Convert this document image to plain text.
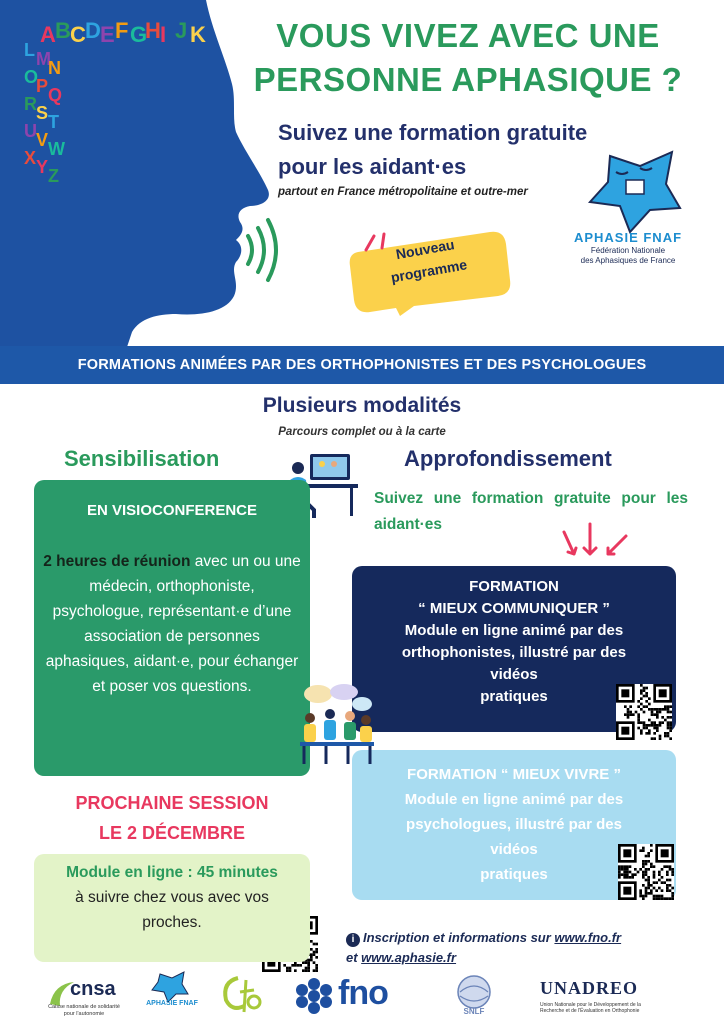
A B C D E F G
H I J K
L M
N
O
P Q
R S T
U V W
X Y Z
VOUS VIVEZ AVEC UNE
PERSONNE APHASIQUE ?
Suivez une formation gratuite
pour les aidant·es
partout en France métropolitaine et outre-mer
Nouveau
programme
APHASIE FNAF
Fédération Nationale
des Aphasiques de France
FORMATIONS ANIMÉES PAR DES ORTHOPHONISTES ET DES PSYCHOLOGUES
Plusieurs modalités
Parcours complet ou à la carte
Sensibilisation	Approfondissement
EN VISIOCONFERENCE
2 heures de réunion avec un ou une médecin, orthophoniste, psychologue, représentant·e d’une association de personnes aphasiques, aidant·e, pour échanger et poser vos questions.
Suivez une formation gratuite pour les aidant·es
FORMATION
“ MIEUX COMMUNIQUER ”
Module en ligne animé par des
orthophonistes, illustré par des
vidéos
pratiques
FORMATION “ MIEUX VIVRE ”
Module en ligne animé par des
psychologues, illustré par des
vidéos
pratiques
PROCHAINE SESSION
LE 2 DÉCEMBRE
Module en ligne : 45 minutes
à suivre chez vous avec vos
proches.
i Inscription et informations sur www.fno.fr
et www.aphasie.fr
cnsa
Caisse nationale de solidarité pour l'autonomie
APHASIE FNAF	fno	SNLF
UNADREO
Union Nationale pour le Développement de la Recherche et de l'Évaluation en Orthophonie
